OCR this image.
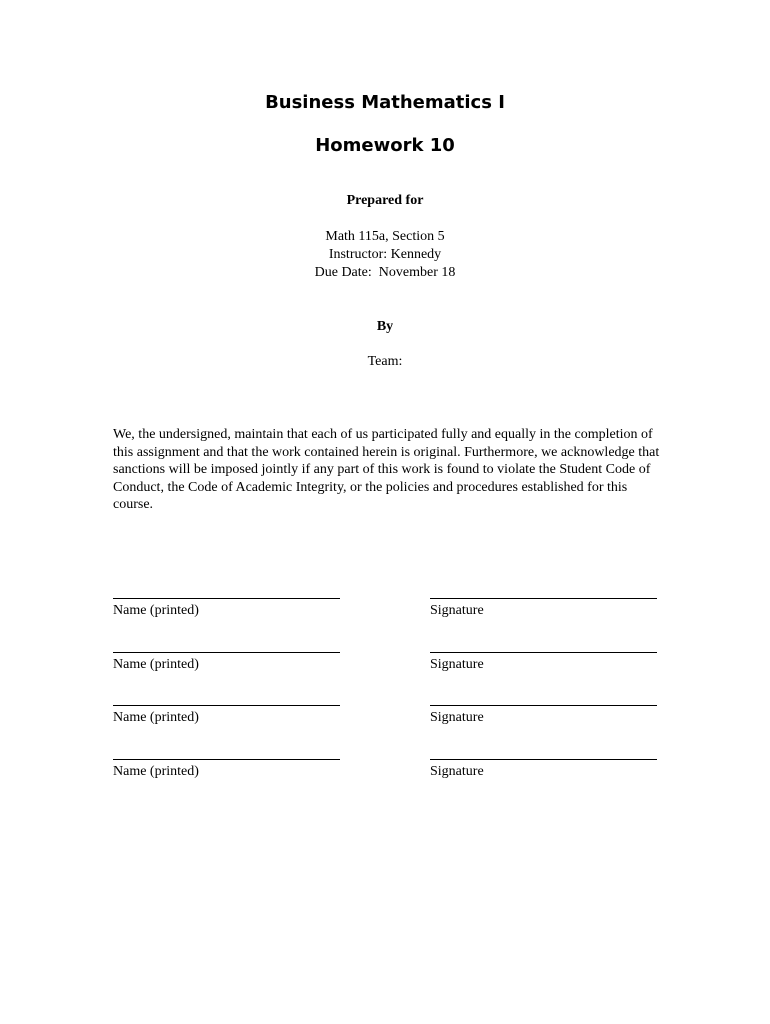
Business Mathematics I
Homework 10
Prepared for
Math 115a, Section 5
Instructor: Kennedy
Due Date:  November 18
By
Team:

We, the undersigned, maintain that each of us participated fully and equally in the completion of this assignment and that the work contained herein is original. Furthermore, we acknowledge that sanctions will be imposed jointly if any part of this work is found to violate the Student Code of Conduct, the Code of Academic Integrity, or the policies and procedures established for this course.

Name (printed)	Signature
Name (printed)	Signature
Name (printed)	Signature
Name (printed)	Signature
